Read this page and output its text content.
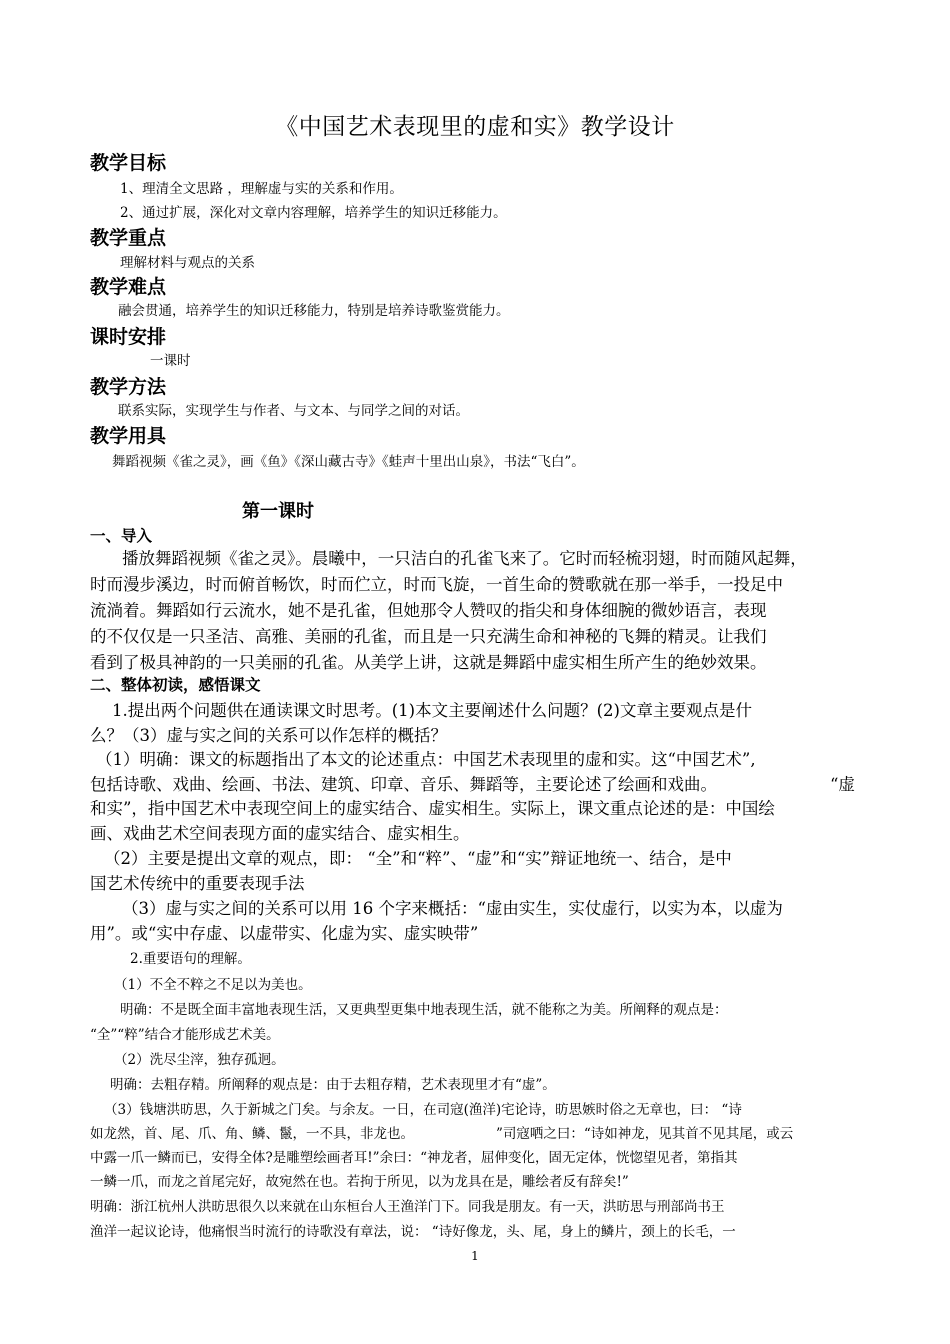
《中国艺术表现里的虚和实》教学设计
教学目标
1、理清全文思路 ，理解虚与实的关系和作用。
2、通过扩展，深化对文章内容理解，培养学生的知识迁移能力。
教学重点
理解材料与观点的关系
教学难点
融会贯通，培养学生的知识迁移能力，特别是培养诗歌鉴赏能力。
课时安排
一课时
教学方法
联系实际，实现学生与作者、与文本、与同学之间的对话。
教学用具
舞蹈视频《雀之灵》，画《鱼》《深山藏古寺》《蛙声十里出山泉》，书法“飞白”。
第一课时
一、导入
播放舞蹈视频《雀之灵》。晨曦中，一只洁白的孔雀飞来了。它时而轻梳羽翅，时而随风起舞，
时而漫步溪边，时而俯首畅饮，时而伫立，时而飞旋，一首生命的赞歌就在那一举手，一投足中
流淌着。舞蹈如行云流水，她不是孔雀，但她那令人赞叹的指尖和身体细腕的微妙语言，表现
的不仅仅是一只圣洁、高雅、美丽的孔雀，而且是一只充满生命和神秘的飞舞的精灵。让我们
看到了极具神韵的一只美丽的孔雀。从美学上讲，这就是舞蹈中虚实相生所产生的绝妙效果。
二、整体初读，感悟课文
1.提出两个问题供在通读课文时思考。(1)本文主要阐述什么问题？(2)文章主要观点是什
么？（3）虚与实之间的关系可以作怎样的概括？
（1）明确：课文的标题指出了本文的论述重点：中国艺术表现里的虚和实。这“中国艺术”,
包括诗歌、戏曲、绘画、书法、建筑、印章、音乐、舞蹈等，主要论述了绘画和戏曲。	“虚
和实”，指中国艺术中表现空间上的虚实结合、虚实相生。实际上，课文重点论述的是：中国绘
画、戏曲艺术空间表现方面的虚实结合、虚实相生。
（2）主要是提出文章的观点，即： “全”和“粹”、“虚”和“实”辩证地统一、结合，是中
国艺术传统中的重要表现手法
（3）虚与实之间的关系可以用 16 个字来概括：“虚由实生，实仗虚行，以实为本，以虚为
用”。或“实中存虚、以虚带实、化虚为实、虚实映带”
2.重要语句的理解。
（1）不全不粹之不足以为美也。
明确：不是既全面丰富地表现生活，又更典型更集中地表现生活，就不能称之为美。所阐释的观点是：
“全”“粹”结合才能形成艺术美。
（2）洗尽尘滓，独存孤迥。
明确：去粗存精。所阐释的观点是：由于去粗存精，艺术表现里才有“虚”。
（3）钱塘洪昉思，久于新城之门矣。与余友。一日，在司寇(渔洋)宅论诗，昉思嫉时俗之无章也，曰： “诗
如龙然，首、尾、爪、角、鳞、鬣，一不具，非龙也。	”司寇哂之曰：“诗如神龙，见其首不见其尾，或云
中露一爪一鳞而已，安得全体?是雕塑绘画者耳!”余曰：“神龙者，屈伸变化，固无定体，恍惚望见者，第指其
一鳞一爪，而龙之首尾完好，故宛然在也。若拘于所见，以为龙具在是，雕绘者反有辞矣!”
明确：浙江杭州人洪昉思很久以来就在山东桓台人王渔洋门下。同我是朋友。有一天，洪昉思与刑部尚书王
渔洋一起议论诗，他痛恨当时流行的诗歌没有章法，说： “诗好像龙，头、尾，身上的鳞片，颈上的长毛，一
1
